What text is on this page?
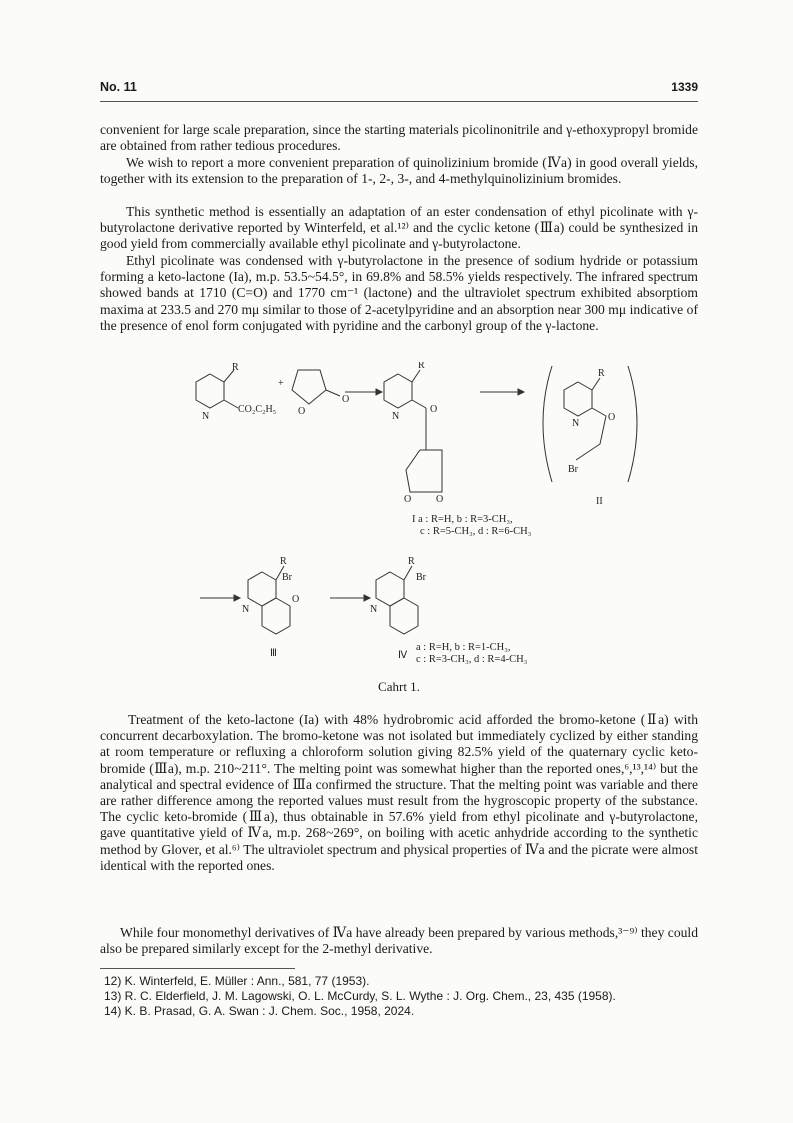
No. 11	1339

convenient for large scale preparation, since the starting materials picolinonitrile and γ-ethoxypropyl bromide are obtained from rather tedious procedures.

We wish to report a more convenient preparation of quinolizinium bromide (Ⅳa) in good overall yields, together with its extension to the preparation of 1-, 2-, 3-, and 4-methylquinolizinium bromides.

This synthetic method is essentially an adaptation of an ester condensation of ethyl picolinate with γ-butyrolactone derivative reported by Winterfeld, et al.¹²⁾ and the cyclic ketone (Ⅲa) could be synthesized in good yield from commercially available ethyl picolinate and γ-butyrolactone.

Ethyl picolinate was condensed with γ-butyrolactone in the presence of sodium hydride or potassium forming a keto-lactone (Ia), m.p. 53.5~54.5°, in 69.8% and 58.5% yields respectively. The infrared spectrum showed bands at 1710 (C=O) and 1770 cm⁻¹ (lactone) and the ultraviolet spectrum exhibited absorptiom maxima at 233.5 and 270 mμ similar to those of 2-acetylpyridine and an absorption near 300 mμ indicative of the presence of enol form conjugated with pyridine and the carbonyl group of the γ-lactone.

R
N
CO₂C₂H₅
+
O
O
R
N
O
O O
R
N
O
Br
II
R
Br
N
O
Ⅲ
R
Br
N
Ⅳ
I a : R=H, b : R=3-CH₃,
c : R=5-CH₃, d : R=6-CH₃
a : R=H, b : R=1-CH₃,
c : R=3-CH₃, d : R=4-CH₃
Cahrt 1.

Treatment of the keto-lactone (Ia) with 48% hydrobromic acid afforded the bromo-ketone (Ⅱa) with concurrent decarboxylation. The bromo-ketone was not isolated but immediately cyclized by either standing at room temperature or refluxing a chloroform solution giving 82.5% yield of the quaternary cyclic keto-bromide (Ⅲa), m.p. 210~211°. The melting point was somewhat higher than the reported ones,⁶,¹³,¹⁴⁾ but the analytical and spectral evidence of Ⅲa confirmed the structure. That the melting point was variable and there are rather difference among the reported values must result from the hygroscopic property of the substance. The cyclic keto-bromide (Ⅲa), thus obtainable in 57.6% yield from ethyl picolinate and γ-butyrolactone, gave quantitative yield of Ⅳa, m.p. 268~269°, on boiling with acetic anhydride according to the synthetic method by Glover, et al.⁶⁾ The ultraviolet spectrum and physical properties of Ⅳa and the picrate were almost identical with the reported ones.

While four monomethyl derivatives of Ⅳa have already been prepared by various methods,³⁻⁹⁾ they could also be prepared similarly except for the 2-methyl derivative.

12) K. Winterfeld, E. Müller : Ann., 581, 77 (1953).
13) R. C. Elderfield, J. M. Lagowski, O. L. McCurdy, S. L. Wythe : J. Org. Chem., 23, 435 (1958).
14) K. B. Prasad, G. A. Swan : J. Chem. Soc., 1958, 2024.
